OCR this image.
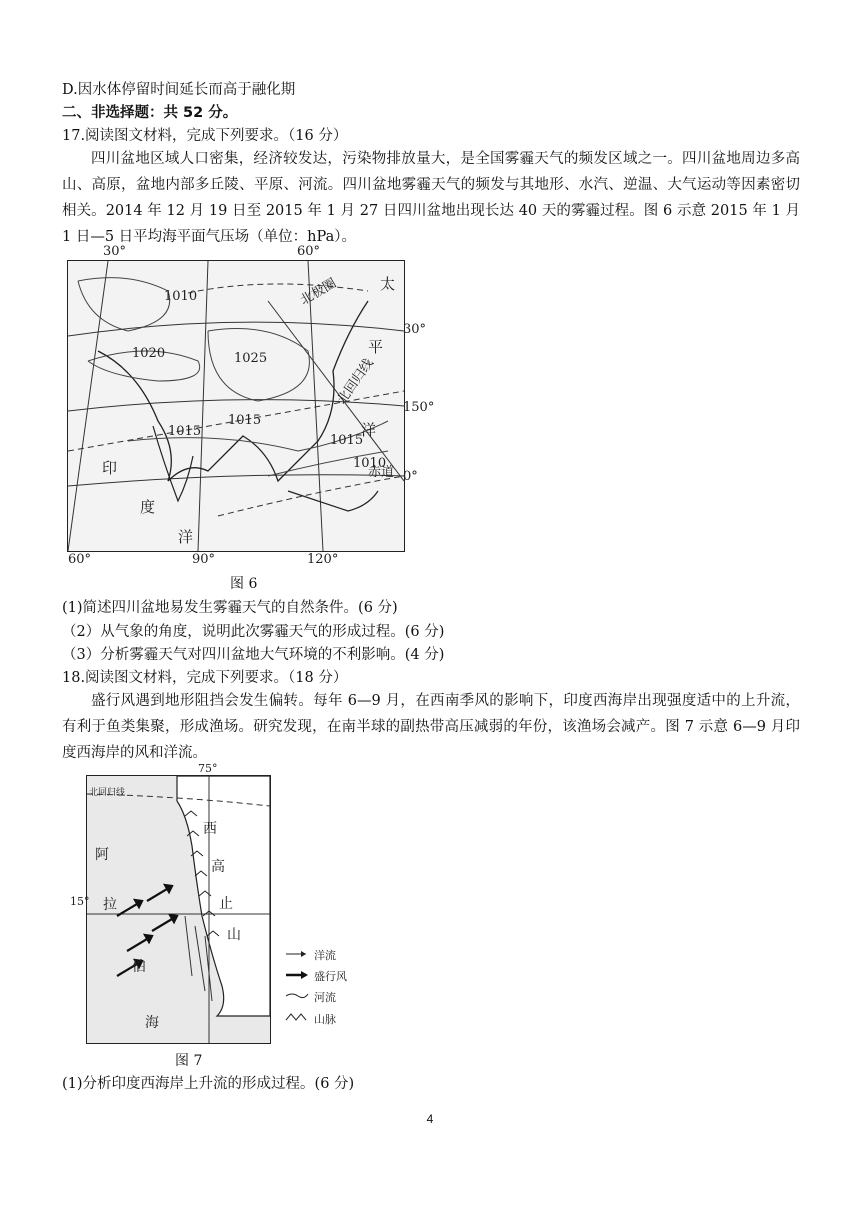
D.因水体停留时间延长而高于融化期
二、非选择题：共 52 分。
17.阅读图文材料，完成下列要求。（16 分）
四川盆地区域人口密集，经济较发达，污染物排放量大，是全国雾霾天气的频发区域之一。四川盆地周边多高山、高原，盆地内部多丘陵、平原、河流。四川盆地雾霾天气的频发与其地形、水汽、逆温、大气运动等因素密切相关。2014 年 12 月 19 日至 2015 年 1 月 27 日四川盆地出现长达 40 天的雾霾过程。图 6 示意 2015 年 1 月 1 日—5 日平均海平面气压场（单位：hPa）。
30°	60°
1010
1020	1025
1015
1015
1015
1010
北极圈
北回归线
赤道
太
平
洋
印
度
洋
30°
150°
0°
60°	90°	120°
图 6
(1)简述四川盆地易发生雾霾天气的自然条件。(6 分)
（2）从气象的角度，说明此次雾霾天气的形成过程。(6 分)
（3）分析雾霾天气对四川盆地大气环境的不利影响。(4 分)
18.阅读图文材料，完成下列要求。（18 分）
盛行风遇到地形阻挡会发生偏转。每年 6—9 月，在西南季风的影响下，印度西海岸出现强度适中的上升流，有利于鱼类集聚，形成渔场。研究发现，在南半球的副热带高压减弱的年份，该渔场会减产。图 7 示意 6—9 月印度西海岸的风和洋流。
75°
北回归线
西
高
止
山
阿
拉
伯
海
15°
洋流
盛行风
河流
山脉
图 7
(1)分析印度西海岸上升流的形成过程。(6 分)
4
